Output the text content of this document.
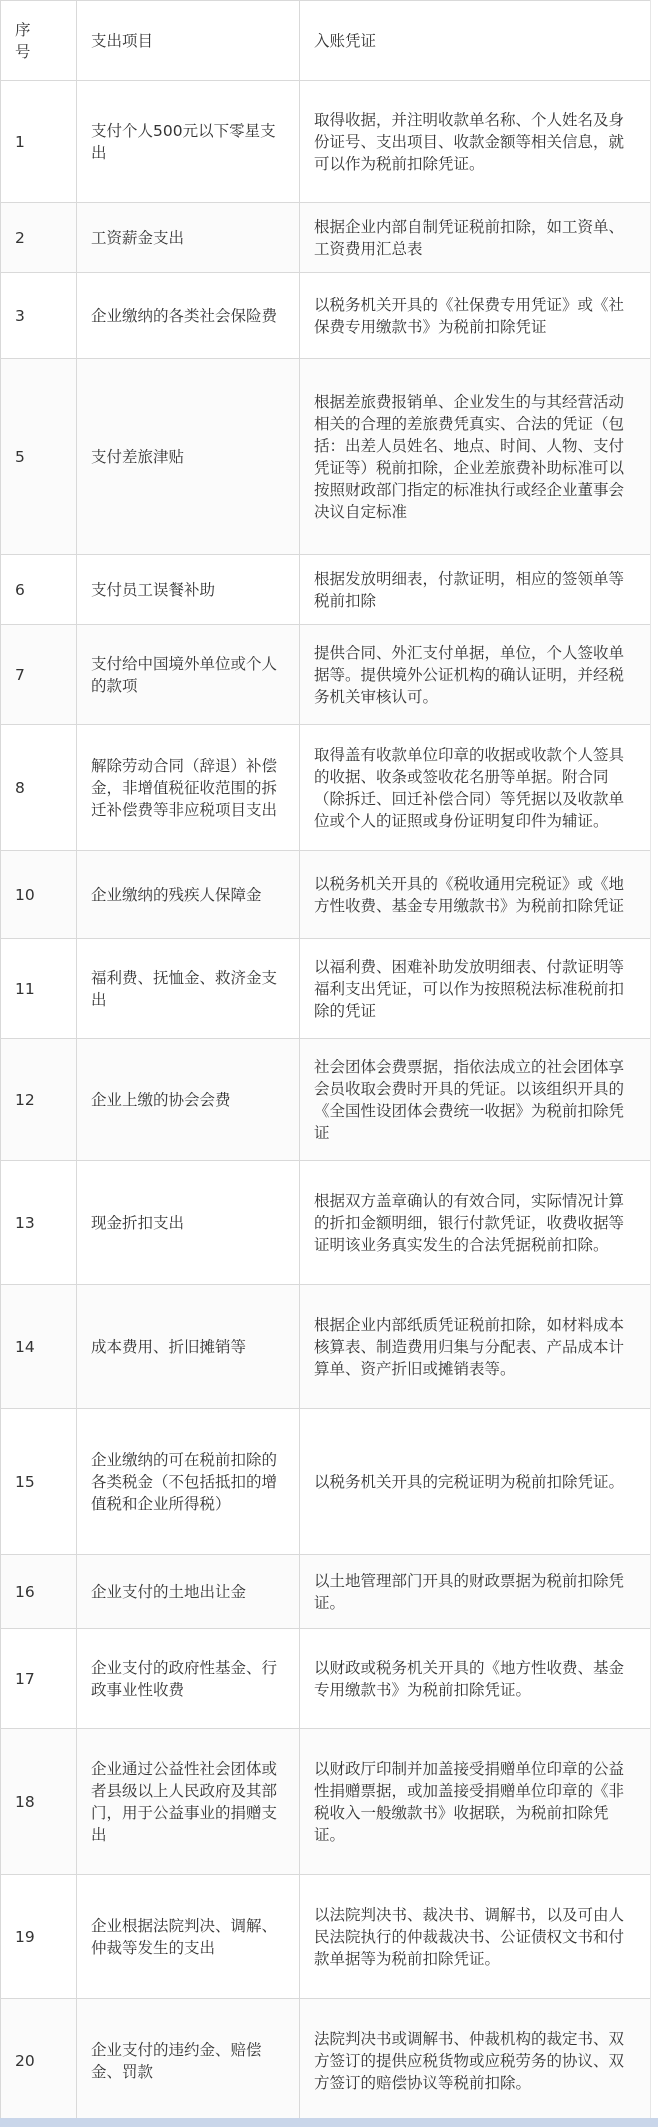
序
号	支出项目	入账凭证
1	支付个人500元以下零星支出	取得收据，并注明收款单名称、个人姓名及身份证号、支出项目、收款金额等相关信息，就可以作为税前扣除凭证。
2	工资薪金支出	根据企业内部自制凭证税前扣除，如工资单、工资费用汇总表
3	企业缴纳的各类社会保险费	以税务机关开具的《社保费专用凭证》或《社保费专用缴款书》为税前扣除凭证

5	支付差旅津贴	根据差旅费报销单、企业发生的与其经营活动相关的合理的差旅费凭真实、合法的凭证（包括：出差人员姓名、地点、时间、人物、支付凭证等）税前扣除，企业差旅费补助标准可以按照财政部门指定的标准执行或经企业董事会决议自定标准
6	支付员工误餐补助	根据发放明细表，付款证明，相应的签领单等税前扣除
7	支付给中国境外单位或个人的款项	提供合同、外汇支付单据，单位，个人签收单据等。提供境外公证机构的确认证明，并经税务机关审核认可。
8	解除劳动合同（辞退）补偿金，非增值税征收范围的拆迁补偿费等非应税项目支出	取得盖有收款单位印章的收据或收款个人签具的收据、收条或签收花名册等单据。附合同（除拆迁、回迁补偿合同）等凭据以及收款单位或个人的证照或身份证明复印件为辅证。
10	企业缴纳的残疾人保障金	以税务机关开具的《税收通用完税证》或《地方性收费、基金专用缴款书》为税前扣除凭证
11	福利费、抚恤金、救济金支出	以福利费、困难补助发放明细表、付款证明等福利支出凭证，可以作为按照税法标准税前扣除的凭证
12	企业上缴的协会会费	社会团体会费票据，指依法成立的社会团体享会员收取会费时开具的凭证。以该组织开具的《全国性设团体会费统一收据》为税前扣除凭证
13	现金折扣支出	根据双方盖章确认的有效合同，实际情况计算的折扣金额明细，银行付款凭证，收费收据等证明该业务真实发生的合法凭据税前扣除。
14	成本费用、折旧摊销等	根据企业内部纸质凭证税前扣除，如材料成本核算表、制造费用归集与分配表、产品成本计算单、资产折旧或摊销表等。
15	企业缴纳的可在税前扣除的各类税金（不包括抵扣的增值税和企业所得税）	以税务机关开具的完税证明为税前扣除凭证。
16	企业支付的土地出让金	以土地管理部门开具的财政票据为税前扣除凭证。
17	企业支付的政府性基金、行政事业性收费	以财政或税务机关开具的《地方性收费、基金专用缴款书》为税前扣除凭证。
18	企业通过公益性社会团体或者县级以上人民政府及其部门，用于公益事业的捐赠支出	以财政厅印制并加盖接受捐赠单位印章的公益性捐赠票据，或加盖接受捐赠单位印章的《非税收入一般缴款书》收据联，为税前扣除凭证。
19	企业根据法院判决、调解、仲裁等发生的支出	以法院判决书、裁决书、调解书，以及可由人民法院执行的仲裁裁决书、公证债权文书和付款单据等为税前扣除凭证。
20	企业支付的违约金、赔偿金、罚款	法院判决书或调解书、仲裁机构的裁定书、双方签订的提供应税货物或应税劳务的协议、双方签订的赔偿协议等税前扣除。
